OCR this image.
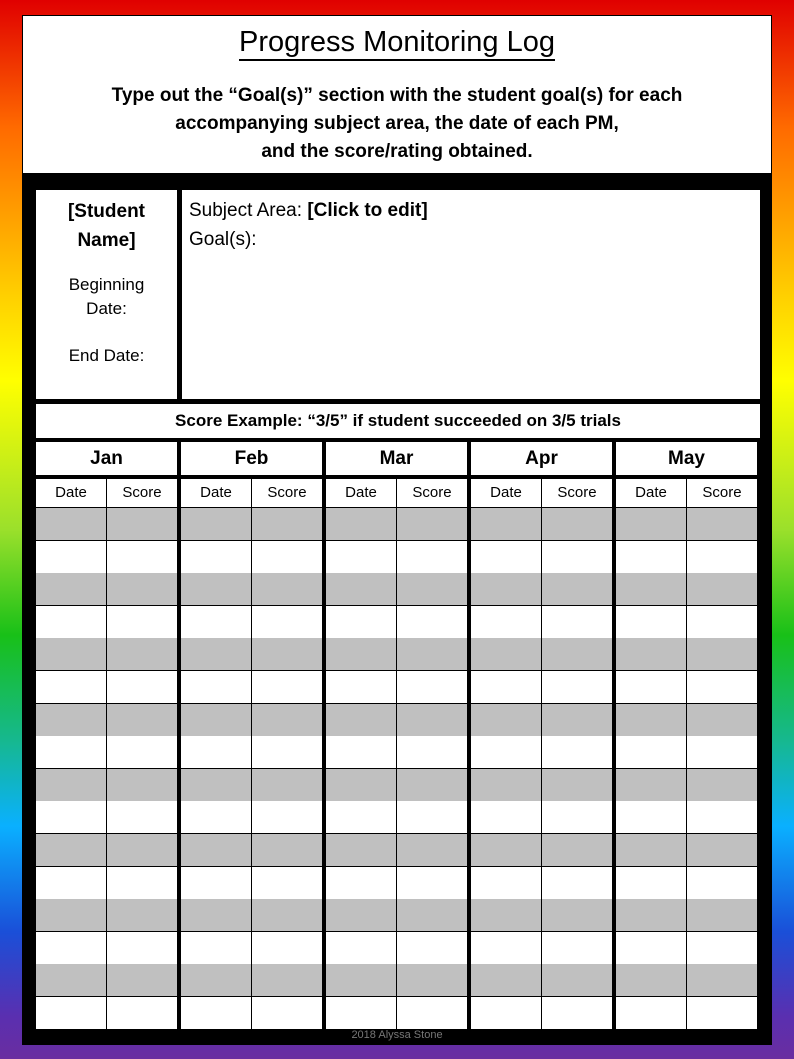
Progress Monitoring Log
Type out the “Goal(s)” section with the student goal(s) for each
accompanying subject area, the date of each PM,
and the score/rating obtained.
[Student
Name]
Beginning
Date:
End Date:
Subject Area: [Click to edit]
Goal(s):
Score Example: “3/5” if student succeeded on 3/5 trials
Jan	Feb	Mar	Apr	May
Date	Score	Date	Score	Date	Score	Date	Score	Date	Score
2018 Alyssa Stone
